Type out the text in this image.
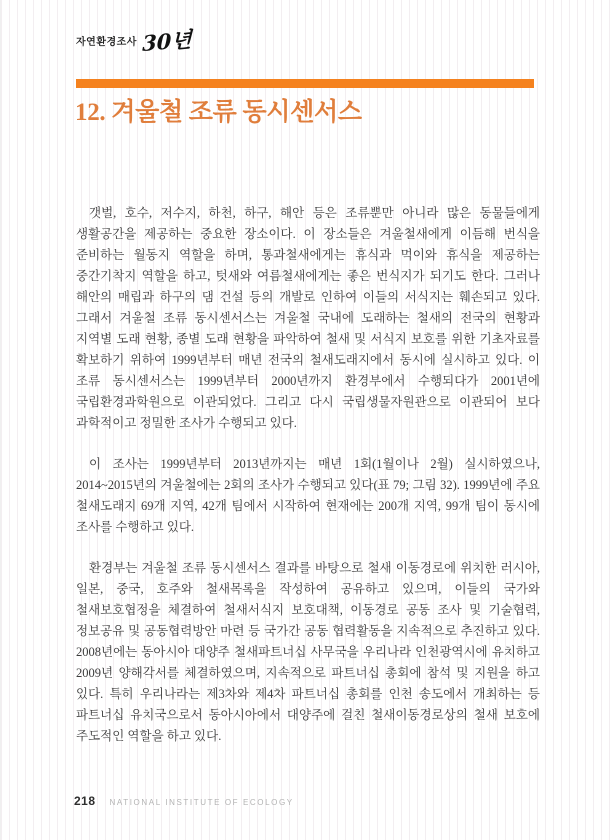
$^{자연환경조사}$ 30년
12. 겨울철 조류 동시센서스

갯벌, 호수, 저수지, 하천, 하구, 해안 등은 조류뿐만 아니라 많은 동물들에게 생활공간을 제공하는 중요한 장소이다. 이 장소들은 겨울철새에게 이듬해 번식을 준비하는 월동지 역할을 하며, 통과철새에게는 휴식과 먹이와 휴식을 제공하는 중간기착지 역할을 하고, 텃새와 여름철새에게는 좋은 번식지가 되기도 한다. 그러나 해안의 매립과 하구의 댐 건설 등의 개발로 인하여 이들의 서식지는 훼손되고 있다. 그래서 겨울철 조류 동시센서스는 겨울철 국내에 도래하는 철새의 전국의 현황과 지역별 도래 현황, 종별 도래 현황을 파악하여 철새 및 서식지 보호를 위한 기초자료를 확보하기 위하여 1999년부터 매년 전국의 철새도래지에서 동시에 실시하고 있다. 이 조류 동시센서스는 1999년부터 2000년까지 환경부에서 수행되다가 2001년에 국립환경과학원으로 이관되었다. 그리고 다시 국립생물자원관으로 이관되어 보다 과학적이고 정밀한 조사가 수행되고 있다.

이 조사는 1999년부터 2013년까지는 매년 1회(1월이나 2월) 실시하였으나, 2014~2015년의 겨울철에는 2회의 조사가 수행되고 있다(표 79; 그림 32). 1999년에 주요 철새도래지 69개 지역, 42개 팀에서 시작하여 현재에는 200개 지역, 99개 팀이 동시에 조사를 수행하고 있다.

환경부는 겨울철 조류 동시센서스 결과를 바탕으로 철새 이동경로에 위치한 러시아, 일본, 중국, 호주와 철새목록을 작성하여 공유하고 있으며, 이들의 국가와 철새보호협정을 체결하여 철새서식지 보호대책, 이동경로 공동 조사 및 기술협력, 정보공유 및 공동협력방안 마련 등 국가간 공동 협력활동을 지속적으로 추진하고 있다. 2008년에는 동아시아 대양주 철새파트너십 사무국을 우리나라 인천광역시에 유치하고 2009년 양해각서를 체결하였으며, 지속적으로 파트너십 총회에 참석 및 지원을 하고 있다. 특히 우리나라는 제3차와 제4차 파트너십 총회를 인천 송도에서 개최하는 등 파트너십 유치국으로서 동아시아에서 대양주에 걸친 철새이동경로상의 철새 보호에 주도적인 역할을 하고 있다.

218 NATIONAL INSTITUTE OF ECOLOGY
